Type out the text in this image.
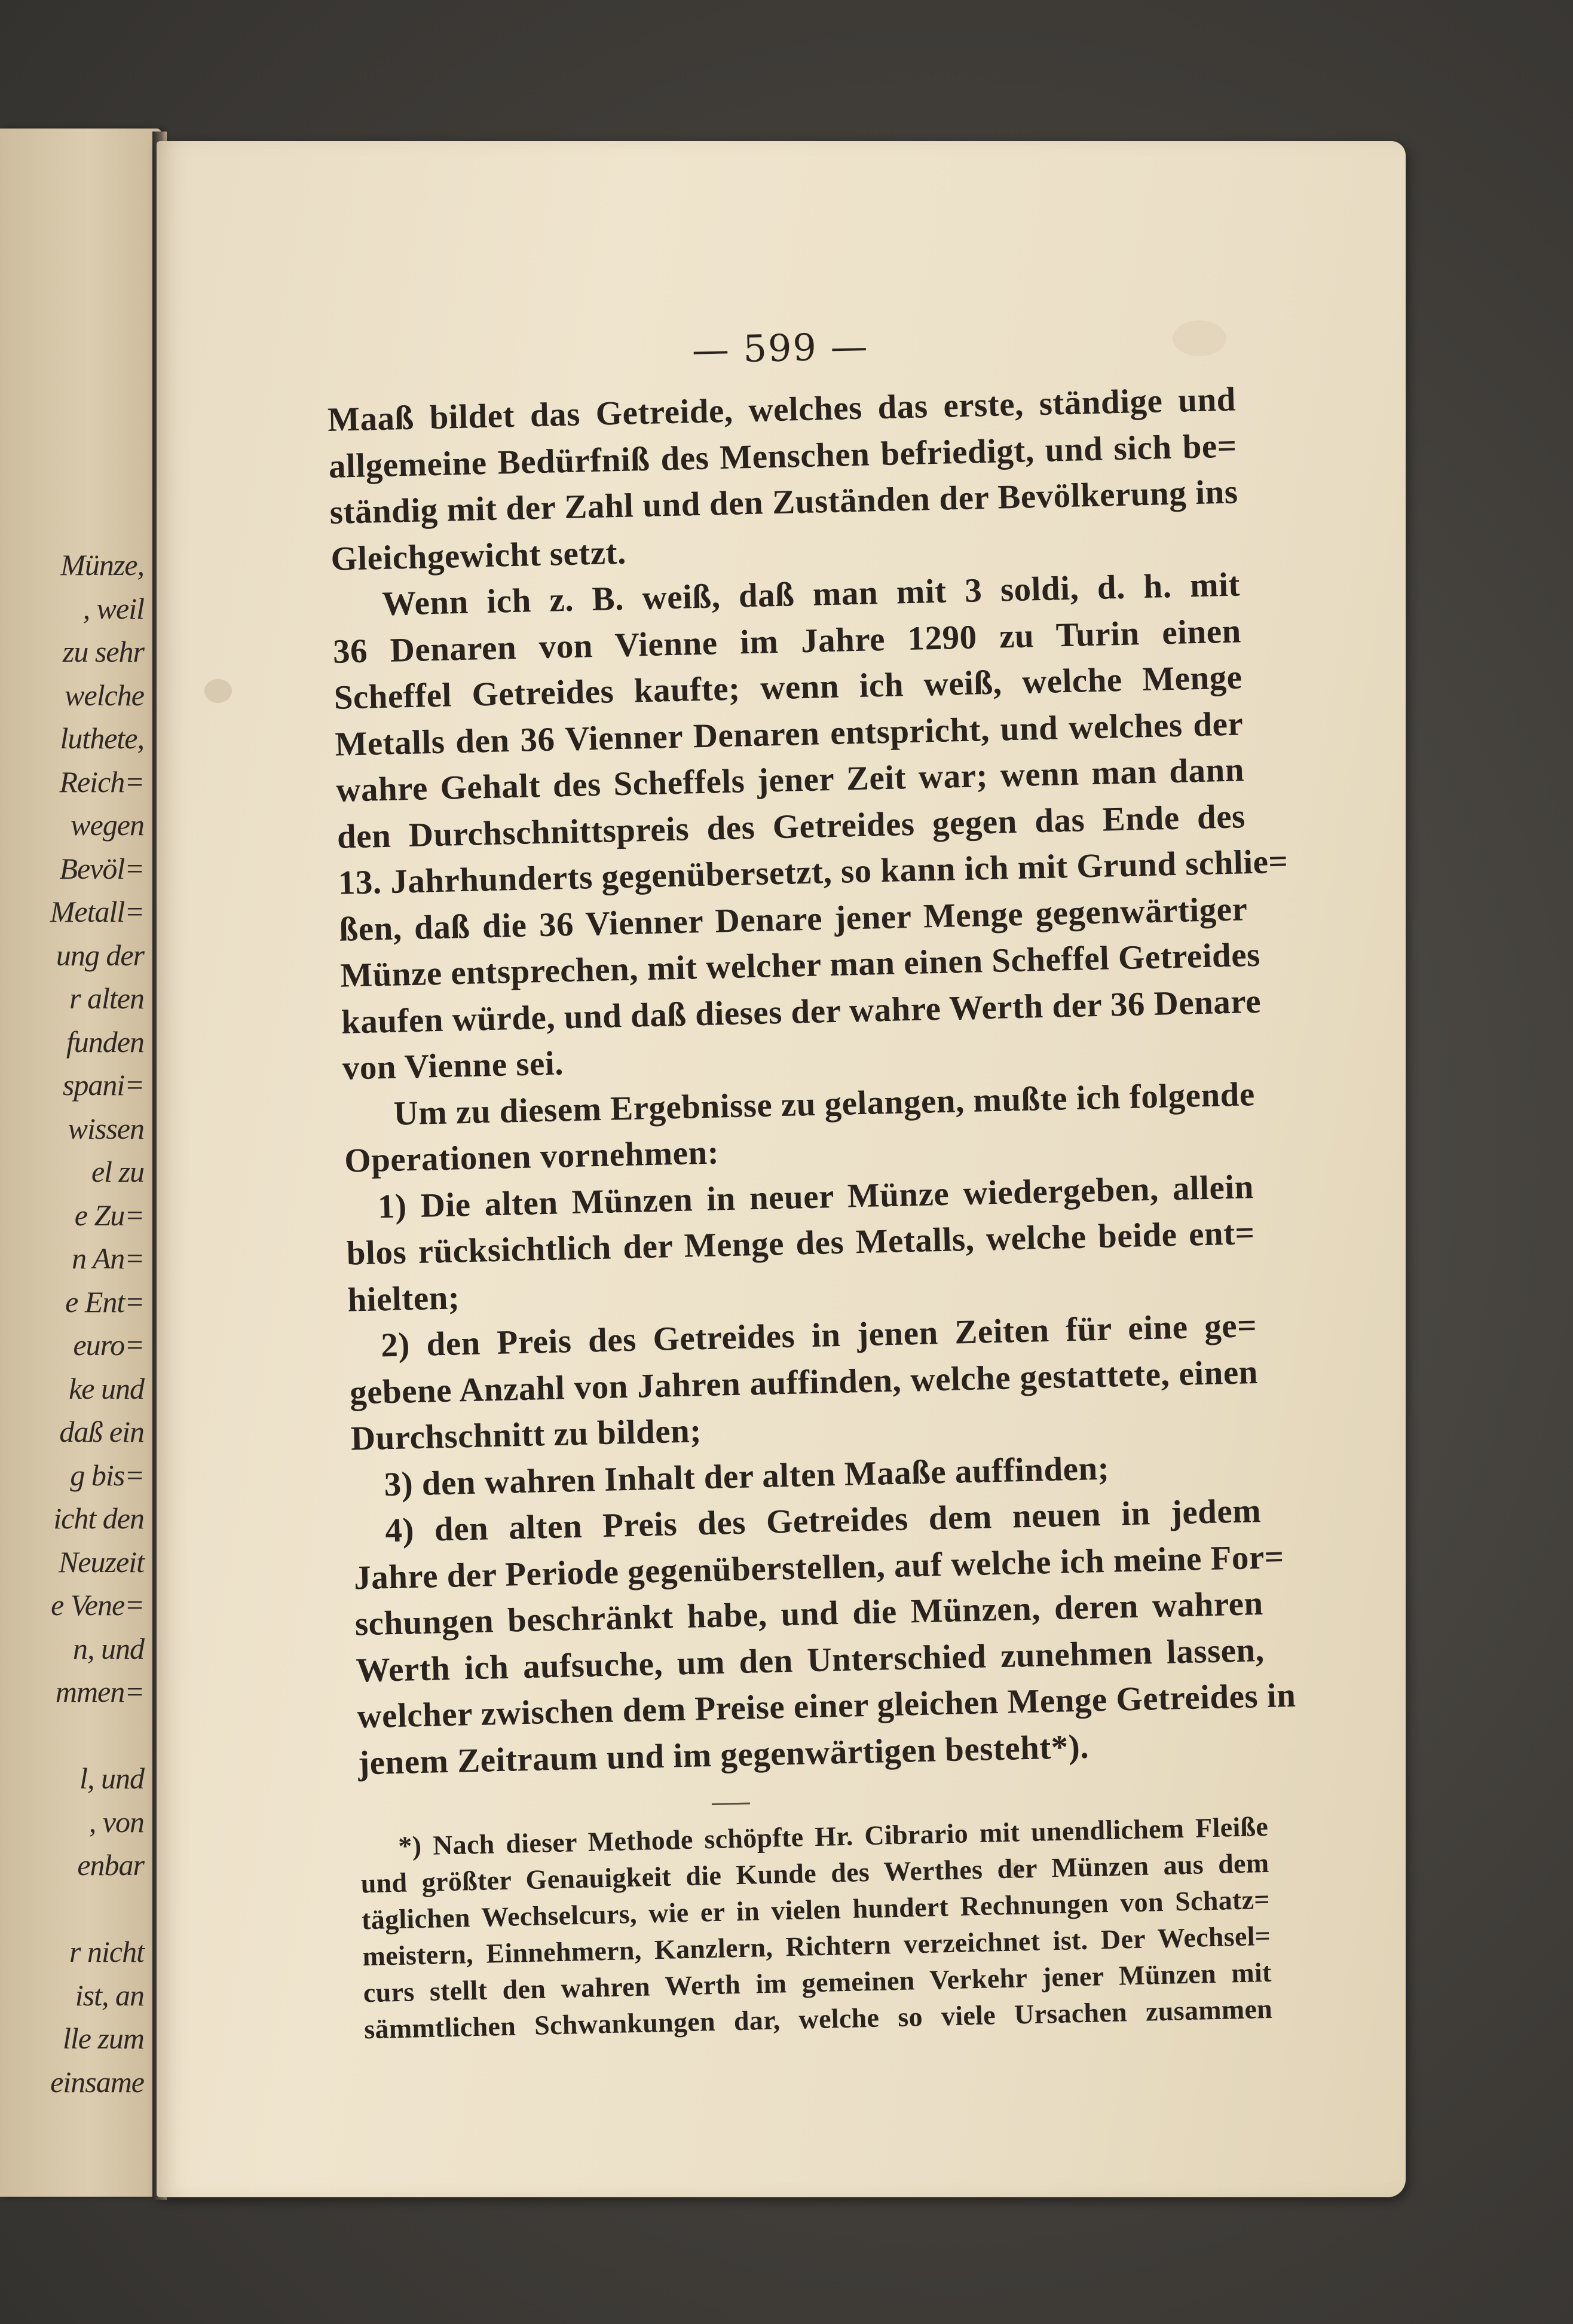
Münze,
, weil
zu sehr
welche
luthete,
Reich=
wegen
Bevöl=
Metall=
ung der
r alten
funden
spani=
wissen
el zu
e Zu=
n An=
e Ent=
euro=
ke und
daß ein
g bis=
icht den
Neuzeit
e Vene=
n, und
mmen=
l, und
, von
enbar
r nicht
ist, an
lle zum
einsame
— 599 —
Maaß bildet das Getreide, welches das erste, ständige und
allgemeine Bedürfniß des Menschen befriedigt, und sich be=
ständig mit der Zahl und den Zuständen der Bevölkerung ins
Gleichgewicht setzt.
Wenn ich z. B. weiß, daß man mit 3 soldi, d. h. mit
36 Denaren von Vienne im Jahre 1290 zu Turin einen
Scheffel Getreides kaufte; wenn ich weiß, welche Menge
Metalls den 36 Vienner Denaren entspricht, und welches der
wahre Gehalt des Scheffels jener Zeit war; wenn man dann
den Durchschnittspreis des Getreides gegen das Ende des
13. Jahrhunderts gegenübersetzt, so kann ich mit Grund schlie=
ßen, daß die 36 Vienner Denare jener Menge gegenwärtiger
Münze entsprechen, mit welcher man einen Scheffel Getreides
kaufen würde, und daß dieses der wahre Werth der 36 Denare
von Vienne sei.
Um zu diesem Ergebnisse zu gelangen, mußte ich folgende
Operationen vornehmen:
1) Die alten Münzen in neuer Münze wiedergeben, allein
blos rücksichtlich der Menge des Metalls, welche beide ent=
hielten;
2) den Preis des Getreides in jenen Zeiten für eine ge=
gebene Anzahl von Jahren auffinden, welche gestattete, einen
Durchschnitt zu bilden;
3) den wahren Inhalt der alten Maaße auffinden;
4) den alten Preis des Getreides dem neuen in jedem
Jahre der Periode gegenüberstellen, auf welche ich meine For=
schungen beschränkt habe, und die Münzen, deren wahren
Werth ich aufsuche, um den Unterschied zunehmen lassen,
welcher zwischen dem Preise einer gleichen Menge Getreides in
jenem Zeitraum und im gegenwärtigen besteht*).
*) Nach dieser Methode schöpfte Hr. Cibrario mit unendlichem Fleiße
und größter Genauigkeit die Kunde des Werthes der Münzen aus dem
täglichen Wechselcurs, wie er in vielen hundert Rechnungen von Schatz=
meistern, Einnehmern, Kanzlern, Richtern verzeichnet ist. Der Wechsel=
curs stellt den wahren Werth im gemeinen Verkehr jener Münzen mit
sämmtlichen Schwankungen dar, welche so viele Ursachen zusammen
